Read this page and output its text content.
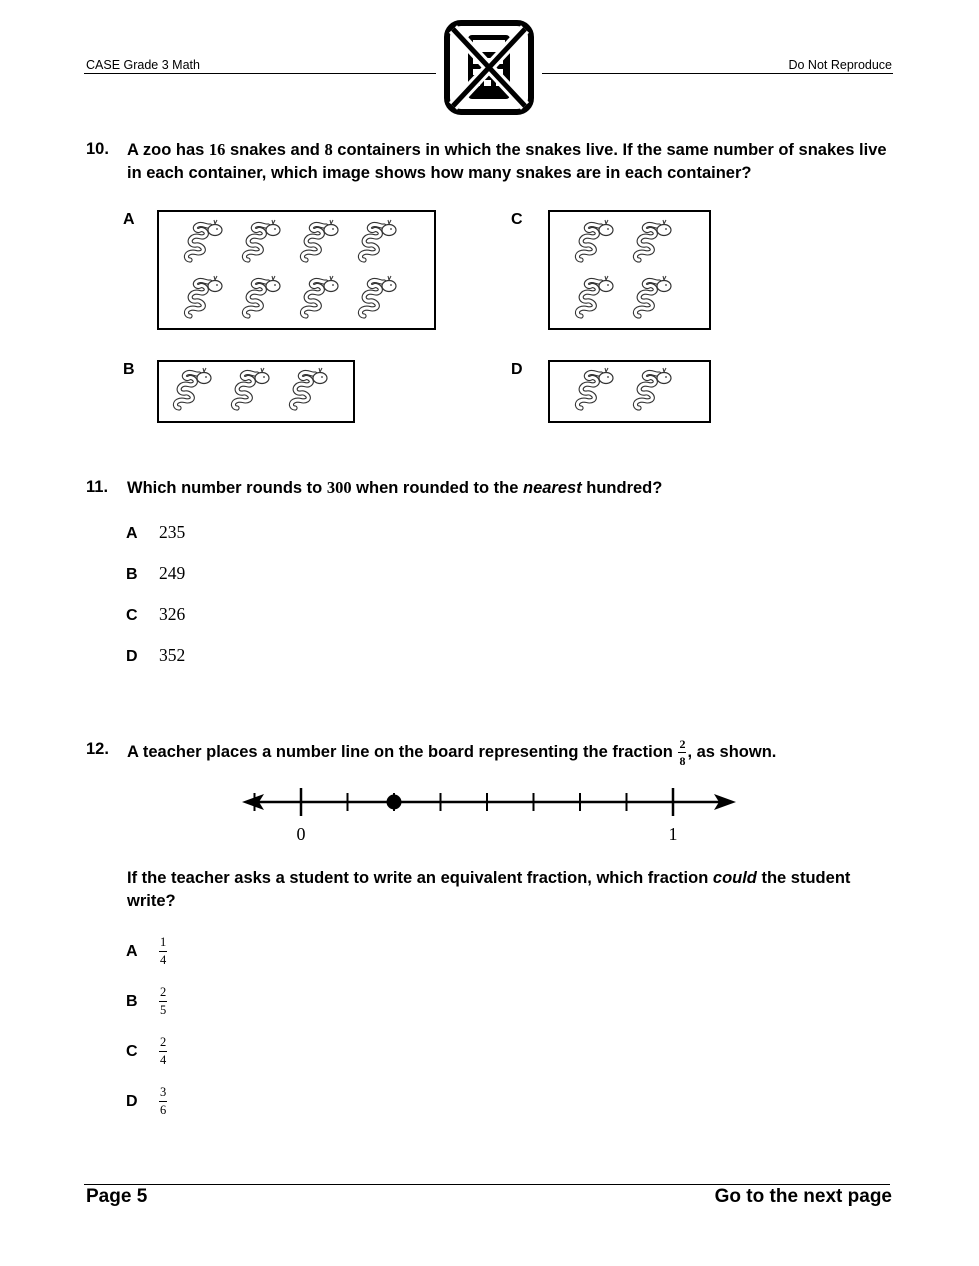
CASE Grade 3 Math	Do Not Reproduce
10.	A zoo has 16 snakes and 8 containers in which the snakes live. If the same number of snakes live in each container, which image shows how many snakes are in each container?
A	C
B	D
11.	Which number rounds to 300 when rounded to the nearest hundred?
A 235
B 249
C 326
D 352
12.	A teacher places a number line on the board representing the fraction $\frac{2}{8}$ , as shown.
0	1
If the teacher asks a student to write an equivalent fraction, which fraction could the student write?
A $\frac{1}{4}$
B $\frac{2}{5}$
C $\frac{2}{4}$
D $\frac{3}{6}$
Page 5	Go to the next page
